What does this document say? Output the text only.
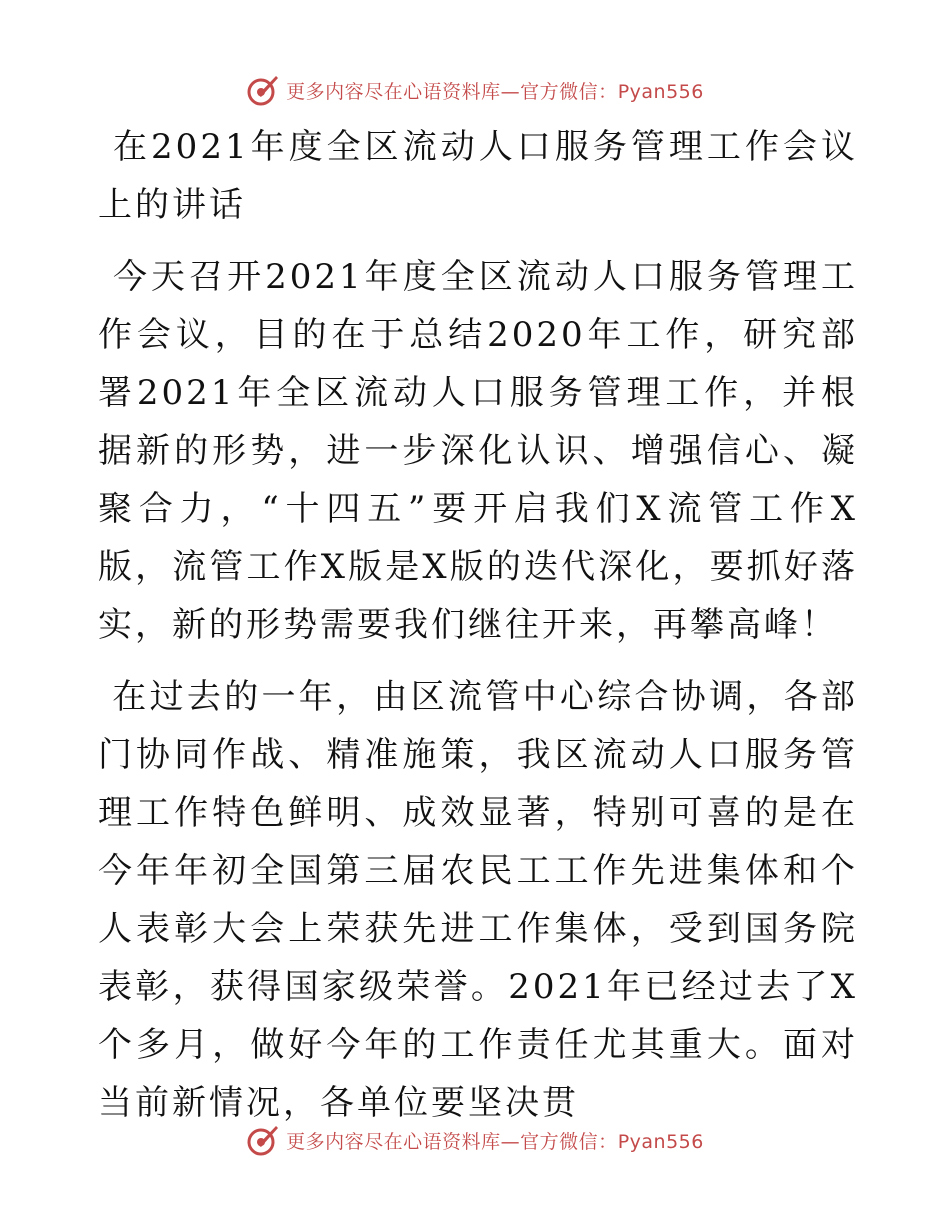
更多内容尽在心语资料库—官方微信：Pyan556

在2021年度全区流动人口服务管理工作会议上的讲话

今天召开2021年度全区流动人口服务管理工作会议，目的在于总结2020年工作，研究部署2021年全区流动人口服务管理工作，并根据新的形势，进一步深化认识、增强信心、凝聚合力，“十四五”要开启我们X流管工作X版，流管工作X版是X版的迭代深化，要抓好落实，新的形势需要我们继往开来，再攀高峰！

在过去的一年，由区流管中心综合协调，各部门协同作战、精准施策，我区流动人口服务管理工作特色鲜明、成效显著，特别可喜的是在今年年初全国第三届农民工工作先进集体和个人表彰大会上荣获先进工作集体，受到国务院表彰，获得国家级荣誉。2021年已经过去了X个多月，做好今年的工作责任尤其重大。面对当前新情况，各单位要坚决贯

更多内容尽在心语资料库—官方微信：Pyan556
